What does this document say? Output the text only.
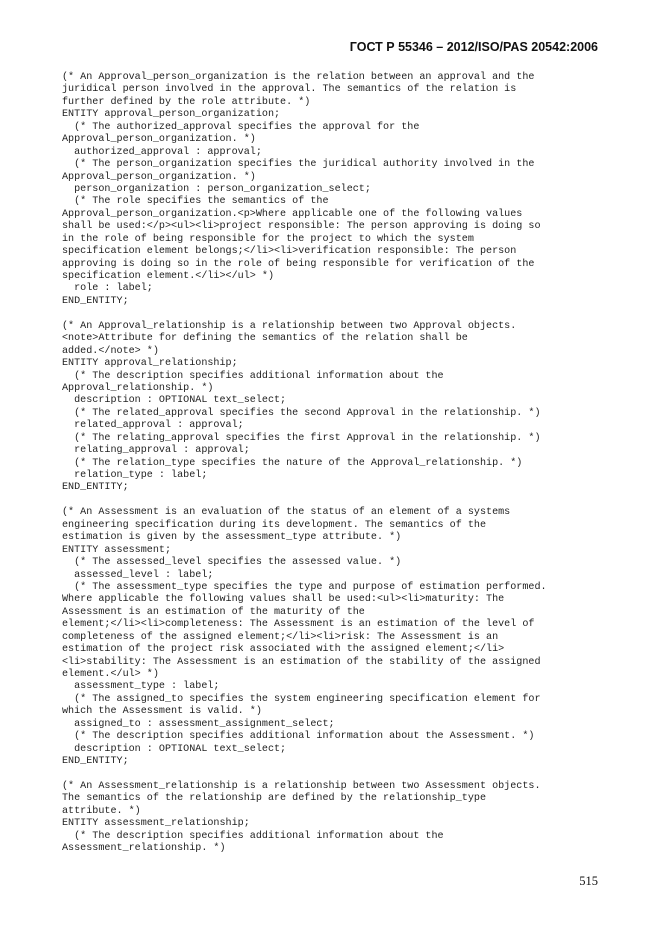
ГОСТ Р 55346 – 2012/ISO/PAS 20542:2006
(* An Approval_person_organization is the relation between an approval and the
juridical person involved in the approval. The semantics of the relation is
further defined by the role attribute. *)
ENTITY approval_person_organization;
(* The authorized_approval specifies the approval for the
Approval_person_organization. *)
authorized_approval : approval;
(* The person_organization specifies the juridical authority involved in the
Approval_person_organization. *)
person_organization : person_organization_select;
(* The role specifies the semantics of the
Approval_person_organization.<p>Where applicable one of the following values
shall be used:</p><ul><li>project responsible: The person approving is doing so
in the role of being responsible for the project to which the system
specification element belongs;</li><li>verification responsible: The person
approving is doing so in the role of being responsible for verification of the
specification element.</li></ul> *)
role : label;
END_ENTITY;

(* An Approval_relationship is a relationship between two Approval objects.
<note>Attribute for defining the semantics of the relation shall be
added.</note> *)
ENTITY approval_relationship;
(* The description specifies additional information about the
Approval_relationship. *)
description : OPTIONAL text_select;
(* The related_approval specifies the second Approval in the relationship. *)
related_approval : approval;
(* The relating_approval specifies the first Approval in the relationship. *)
relating_approval : approval;
(* The relation_type specifies the nature of the Approval_relationship. *)
relation_type : label;
END_ENTITY;

(* An Assessment is an evaluation of the status of an element of a systems
engineering specification during its development. The semantics of the
estimation is given by the assessment_type attribute. *)
ENTITY assessment;
(* The assessed_level specifies the assessed value. *)
assessed_level : label;
(* The assessment_type specifies the type and purpose of estimation performed.
Where applicable the following values shall be used:<ul><li>maturity: The
Assessment is an estimation of the maturity of the
element;</li><li>completeness: The Assessment is an estimation of the level of
completeness of the assigned element;</li><li>risk: The Assessment is an
estimation of the project risk associated with the assigned element;</li>
<li>stability: The Assessment is an estimation of the stability of the assigned
element.</ul> *)
assessment_type : label;
(* The assigned_to specifies the system engineering specification element for
which the Assessment is valid. *)
assigned_to : assessment_assignment_select;
(* The description specifies additional information about the Assessment. *)
description : OPTIONAL text_select;
END_ENTITY;

(* An Assessment_relationship is a relationship between two Assessment objects.
The semantics of the relationship are defined by the relationship_type
attribute. *)
ENTITY assessment_relationship;
(* The description specifies additional information about the
Assessment_relationship. *)
515
